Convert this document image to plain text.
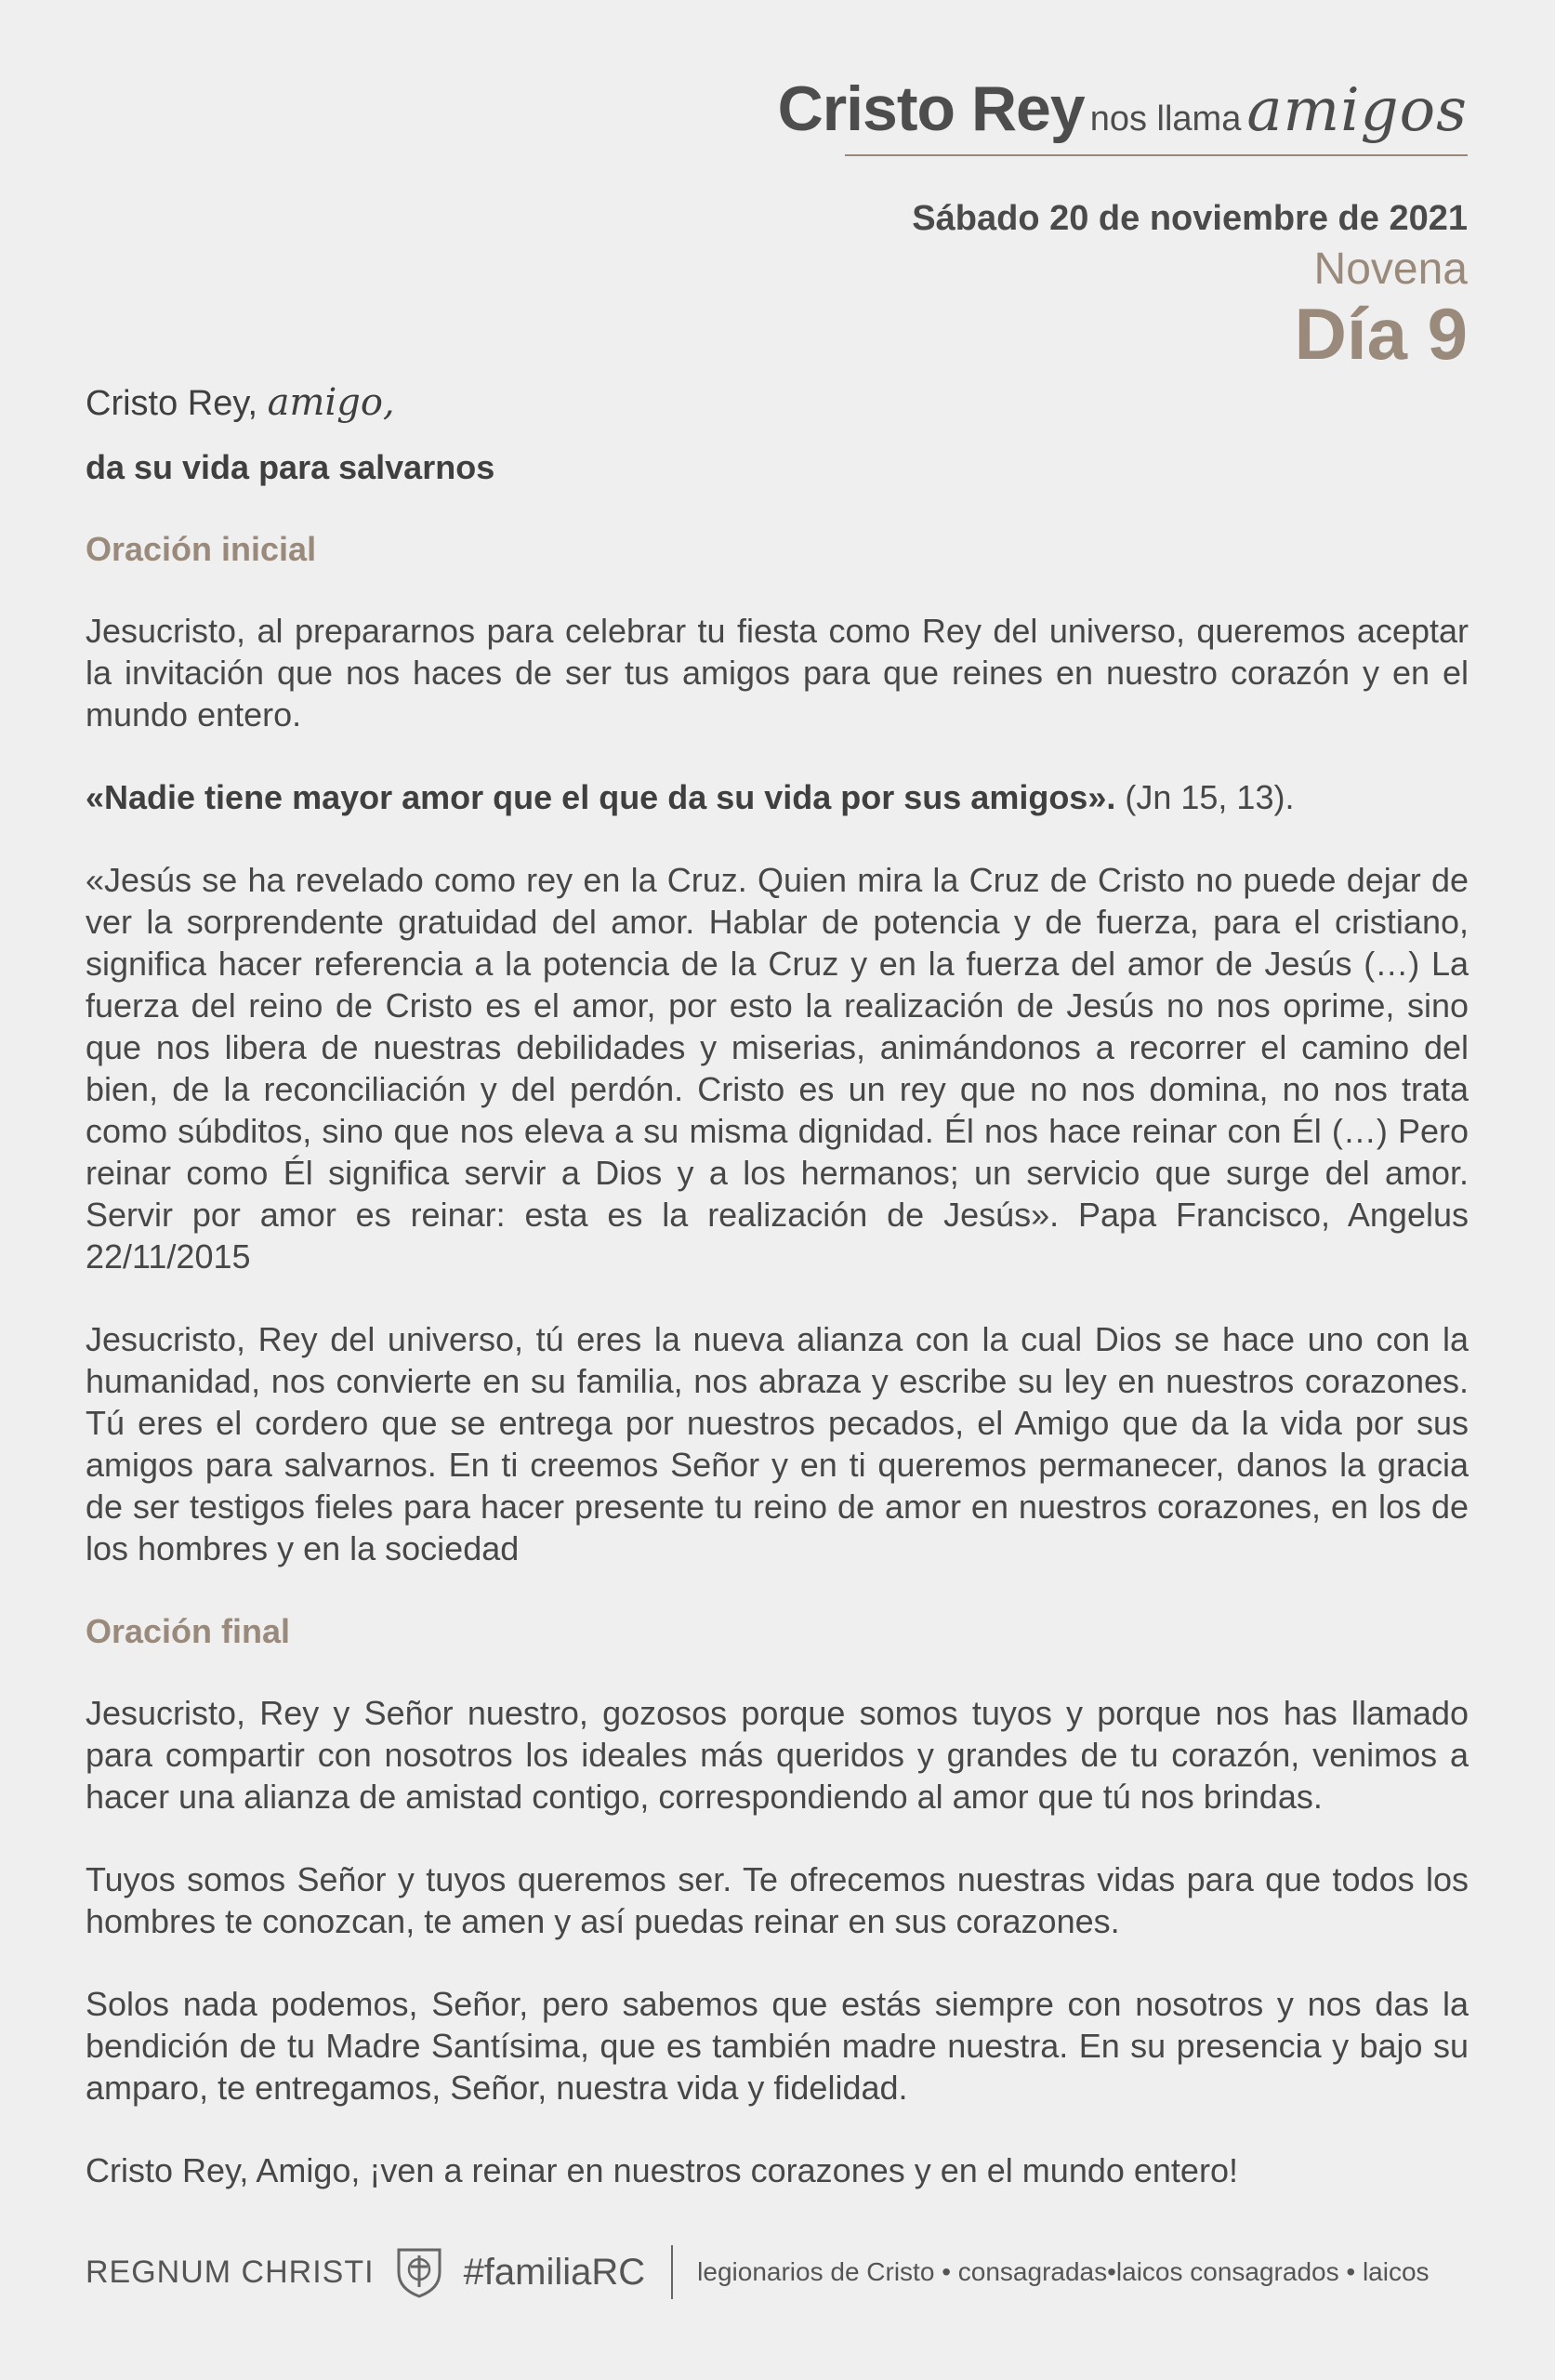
Cristo Rey nos llama amigos
Sábado 20 de noviembre de 2021
Novena
Día 9
Cristo Rey, amigo,
da su vida para salvarnos
Oración inicial

Jesucristo, al prepararnos para celebrar tu fiesta como Rey del universo, queremos aceptar la invitación que nos haces de ser tus amigos para que reines en nuestro corazón y en el mundo entero.

«Nadie tiene mayor amor que el que da su vida por sus amigos». (Jn 15, 13).

«Jesús se ha revelado como rey en la Cruz. Quien mira la Cruz de Cristo no puede dejar de ver la sorprendente gratuidad del amor. Hablar de potencia y de fuerza, para el cristiano, significa hacer referencia a la potencia de la Cruz y en la fuerza del amor de Jesús (…) La fuerza del reino de Cristo es el amor, por esto la realización de Jesús no nos oprime, sino que nos libera de nuestras debilidades y miserias, animándonos a recorrer el camino del bien, de la reconciliación y del perdón. Cristo es un rey que no nos domina, no nos trata como súbditos, sino que nos eleva a su misma dignidad. Él nos hace reinar con Él (…) Pero reinar como Él significa servir a Dios y a los hermanos; un servicio que surge del amor. Servir por amor es reinar: esta es la realización de Jesús». Papa Francisco, Angelus 22/11/2015

Jesucristo, Rey del universo, tú eres la nueva alianza con la cual Dios se hace uno con la humanidad, nos convierte en su familia, nos abraza y escribe su ley en nuestros corazones. Tú eres el cordero que se entrega por nuestros pecados, el Amigo que da la vida por sus amigos para salvarnos. En ti creemos Señor y en ti queremos permanecer, danos la gracia de ser testigos fieles para hacer presente tu reino de amor en nuestros corazones, en los de los hombres y en la sociedad

Oración final

Jesucristo, Rey y Señor nuestro, gozosos porque somos tuyos y porque nos has llamado para compartir con nosotros los ideales más queridos y grandes de tu corazón, venimos a hacer una alianza de amistad contigo, correspondiendo al amor que tú nos brindas.

Tuyos somos Señor y tuyos queremos ser. Te ofrecemos nuestras vidas para que todos los hombres te conozcan, te amen y así puedas reinar en sus corazones.

Solos nada podemos, Señor, pero sabemos que estás siempre con nosotros y nos das la bendición de tu Madre Santísima, que es también madre nuestra. En su presencia y bajo su amparo, te entregamos, Señor, nuestra vida y fidelidad.

Cristo Rey, Amigo, ¡ven a reinar en nuestros corazones y en el mundo entero!

REGNUM CHRISTI #familiaRC legionarios de Cristo • consagradas•laicos consagrados • laicos
